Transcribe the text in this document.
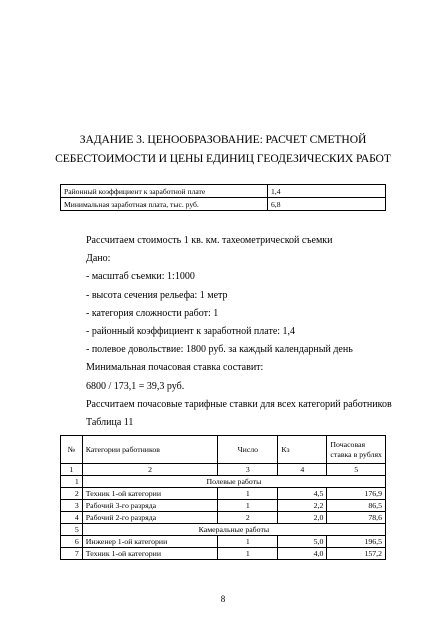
ЗАДАНИЕ 3. ЦЕНООБРАЗОВАНИЕ: РАСЧЕТ СМЕТНОЙ
СЕБЕСТОИМОСТИ И ЦЕНЫ ЕДИНИЦ ГЕОДЕЗИЧЕСКИХ РАБОТ
Районный коэффициент к заработной плате	1,4
Минимальная заработная плата, тыс. руб.	6,8
Рассчитаем стоимость 1 кв. км. тахеометрической съемки
Дано:
- масштаб съемки: 1:1000
- высота сечения рельефа: 1 метр
- категория сложности работ: 1
- районный коэффициент к заработной плате: 1,4
- полевое довольствие: 1800 руб. за каждый календарный день
Минимальная почасовая ставка составит:
6800 / 173,1 = 39,3 руб.
Рассчитаем почасовые тарифные ставки для всех категорий работников
Таблица 11
№	Категории работников	Число	Кз	Почасовая
ставка в рублях

1	2	3	4	5
1	Полевые работы			
2	Техник 1-ой категории	1	4,5	176,9
3	Рабочий 3-го разряда	1	2,2	86,5
4	Рабочий 2-го разряда	2	2,0	78,6
5	Камеральные работы			
6	Инженер 1-ой категории	1	5,0	196,5
7	Техник 1-ой категории	1	4,0	157,2
8
